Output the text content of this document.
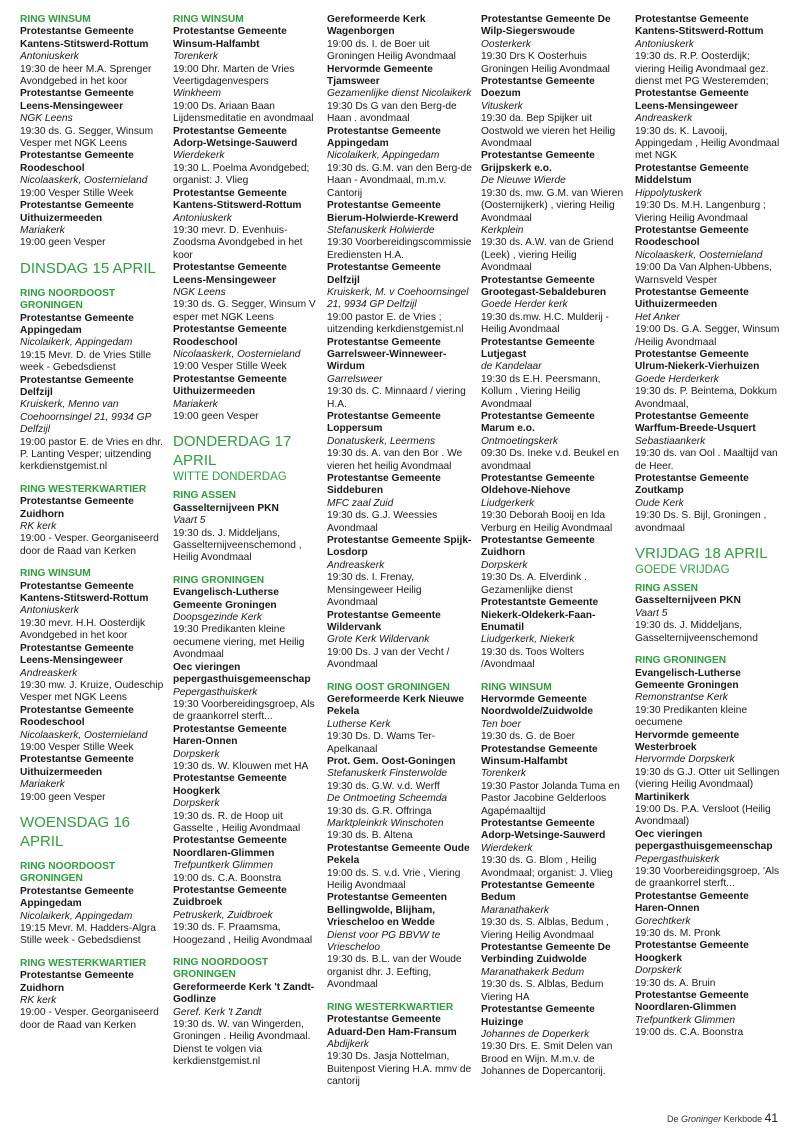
RING WINSUM
Protestantse Gemeente Kantens-Stitswerd-Rottum
Antoniuskerk
19:30 de heer M.A. Sprenger Avondgebed in het koor
Protestantse Gemeente Leens-Mensingeweer
NGK Leens
19:30 ds. G. Segger, Winsum Vesper met NGK Leens
Protestantse Gemeente Roodeschool
Nicolaaskerk, Oosternieland
19:00 Vesper Stille Week
Protestantse Gemeente Uithuizermeeden
Mariakerk
19:00 geen Vesper
DINSDAG 15 APRIL
RING NOORDOOST GRONINGEN
Protestantse Gemeente Appingedam
Nicolaikerk, Appingedam
19:15 Mevr. D. de Vries Stille week - Gebedsdienst
Protestantse Gemeente Delfzijl
Kruiskerk, Menno van Coehoornsingel 21, 9934 GP Delfzijl
19:00 pastor E. de Vries en dhr. P. Lanting Vesper; uitzending kerkdienstgemist.nl
RING WESTERKWARTIER
Protestantse Gemeente Zuidhorn
RK kerk
19:00 - Vesper. Georganiseerd door de Raad van Kerken
RING WINSUM
Protestantse Gemeente Kantens-Stitswerd-Rottum
Antoniuskerk
19:30 mevr. H.H. Oosterdijk Avondgebed in het koor
Protestantse Gemeente Leens-Mensingeweer
Andreaskerk
19:30 mw. J. Kruize, Oudeschip Vesper met NGK Leens
Protestantse Gemeente Roodeschool
Nicolaaskerk, Oosternieland
19:00 Vesper Stille Week
Protestantse Gemeente Uithuizermeeden
Mariakerk
19:00 geen Vesper
WOENSDAG 16 APRIL
RING NOORDOOST GRONINGEN
Protestantse Gemeente Appingedam
Nicolaikerk, Appingedam
19:15 Mevr. M. Hadders-Algra Stille week - Gebedsdienst
RING WESTERKWARTIER
Protestantse Gemeente Zuidhorn
RK kerk
19:00 - Vesper. Georganiseerd door de Raad van Kerken
RING WINSUM
Protestantse Gemeente Winsum-Halfambt
Torenkerk
19:00 Dhr. Marten de Vries Veertigdagenvespers
Winkheem
19:00 Ds. Ariaan Baan Lijdensmeditatie en avondmaal
Protestantse Gemeente Adorp-Wetsinge-Sauwerd
Wierdekerk
19:30 L. Poelma Avondgebed; organist: J. Vlieg
Protestantse Gemeente Kantens-Stitswerd-Rottum
Antoniuskerk
19:30 mevr. D. Evenhuis-Zoodsma Avondgebed in het koor
Protestantse Gemeente Leens-Mensingeweer
NGK Leens
19:30 ds. G. Segger, Winsum V esper met NGK Leens
Protestantse Gemeente Roodeschool
Nicolaaskerk, Oosternieland
19:00 Vesper Stille Week
Protestantse Gemeente Uithuizermeeden
Mariakerk
19:00 geen Vesper
DONDERDAG 17 APRIL
WITTE DONDERDAG
RING ASSEN
Gasselternijveen PKN
Vaart 5
19:30 ds. J. Middeljans, Gasselternijveenschemond , Heilig Avondmaal
RING GRONINGEN
Evangelisch-Lutherse Gemeente Groningen
Doopsgezinde Kerk
19:30 Predikanten kleine oecumene viering, met Heilig Avondmaal
Oec vieringen pepergasthuisgemeenschap
Pepergasthuiskerk
19:30 Voorbereidingsgroep, Als de graankorrel sterft...
Protestantse Gemeente Haren-Onnen
Dorpskerk
19:30 ds. W. Klouwen met HA
Protestantse Gemeente Hoogkerk
Dorpskerk
19:30 ds. R. de Hoop uit Gasselte , Heilig Avondmaal
Protestantse Gemeente Noordlaren-Glimmen
Trefpuntkerk Glimmen
19:00 ds. C.A. Boonstra
Protestantse Gemeente Zuidbroek
Petruskerk, Zuidbroek
19:30 ds. F. Praamsma, Hoogezand , Heilig Avondmaal
RING NOORDOOST GRONINGEN
Gereformeerde Kerk 't Zandt-Godlinze
Geref. Kerk 't Zandt
19:30 ds. W. van Wingerden, Groningen . Heilig Avondmaal. Dienst te volgen via kerkdienstgemist.nl
Gereformeerde Kerk Wagenborgen
19:00 ds. I. de Boer uit Groningen Heilig Avondmaal
Hervormde Gemeente Tjamsweer
Gezamenlijke dienst Nicolaikerk
19:30 Ds G van den Berg-de Haan . avondmaal
Protestantse Gemeente Appingedam
Nicolaikerk, Appingedam
19:30 ds. G.M. van den Berg-de Haan - Avondmaal, m.m.v. Cantorij
Protestantse Gemeente Bierum-Holwierde-Krewerd
Stefanuskerk Holwierde
19:30 Voorbereidingscommissie Erediensten H.A.
Protestantse Gemeente Delfzijl
Kruiskerk, M. v Coehoornsingel 21, 9934 GP Delfzijl
19:00 pastor E. de Vries ; uitzending kerkdienstgemist.nl
Protestantse Gemeente Garrelsweer-Winneweer-Wirdum
Garrelsweer
19:30 ds. C. Minnaard / viering H.A.
Protestantse Gemeente Loppersum
Donatuskerk, Leermens
19:30 ds. A. van den Bor . We vieren het heilig Avondmaal
Protestantse Gemeente Siddeburen
MFC zaal Zuid
19:30 ds. G.J. Weessies Avondmaal
Protestantse Gemeente Spijk-Losdorp
Andreaskerk
19:30 ds. I. Frenay, Mensingeweer Heilig Avondmaal
Protestantse Gemeente Wildervank
Grote Kerk Wildervank
19:00 Ds. J van der Vecht / Avondmaal
RING OOST GRONINGEN
Gereformeerde Kerk Nieuwe Pekela
Lutherse Kerk
19:30 Ds. D. Wams Ter-Apelkanaal
Prot. Gem. Oost-Goningen
Stefanuskerk Finsterwolde
19:30 ds. G.W. v.d. Werff
De Ontmoeting Scheemda
19:30 ds. G.R. Offringa
Marktpleinkrk Winschoten
19:30 ds. B. Altena
Protestantse Gemeente Oude Pekela
19:00 ds. S. v.d. Vrie , Viering Heilig Avondmaal
Protestantse Gemeenten Bellingwolde, Blijham, Vriescheloo en Wedde
Dienst voor PG BBVW te Vriescheloo
19:30 ds. B.L. van der Woude organist dhr. J. Eefting, Avondmaal
RING WESTERKWARTIER
Protestantse Gemeente Aduard-Den Ham-Fransum
Abdijkerk
19:30 Ds. Jasja Nottelman, Buitenpost Viering H.A. mmv de cantorij
Protestantse Gemeente De Wilp-Siegerswoude
Oosterkerk
19:30 Drs K Oosterhuis Groningen Heilig Avondmaal
Protestantse Gemeente Doezum
Vituskerk
19:30 da. Bep Spijker uit Oostwold we vieren het Heilig Avondmaal
Protestantse Gemeente Grijpskerk e.o.
De Nieuwe Wierde
19:30 ds. mw. G.M. van Wieren (Oosternijkerk) , viering Heilig Avondmaal
Kerkplein
19:30 ds. A.W. van de Griend (Leek) , viering Heilig Avondmaal
Protestantse Gemeente Grootegast-Sebaldeburen
Goede Herder kerk
19:30 ds.mw. H.C. Mulderij - Heilig Avondmaal
Protestantse Gemeente Lutjegast
de Kandelaar
19:30 ds E.H. Peersmann, Kollum , Viering Heilig Avondmaal
Protestantse Gemeente Marum e.o.
Ontmoetingskerk
09:30 Ds. Ineke v.d. Beukel en avondmaal
Protestantse Gemeente Oldehove-Niehove
Liudgerkerk
19:30 Deborah Booij en Ida Verburg en Heilig Avondmaal
Protestantse Gemeente Zuidhorn
Dorpskerk
19:30 Ds. A. Elverdink . Gezamenlijke dienst
Protestantste Gemeente Niekerk-Oldekerk-Faan-Enumatil
Liudgerkerk, Niekerk
19:30 ds. Toos Wolters /Avondmaal
RING WINSUM
Hervormde Gemeente Noordwolde/Zuidwolde
Ten boer
19:30 ds. G. de Boer
Protestandse Gemeente Winsum-Halfambt
Torenkerk
19:30 Pastor Jolanda Tuma en Pastor Jacobine Gelderloos Agapémaaltijd
Protestantse Gemeente Adorp-Wetsinge-Sauwerd
Wierdekerk
19:30 ds. G. Blom , Heilig Avondmaal; organist: J. Vlieg
Protestantse Gemeente Bedum
Maranathakerk
19:30 ds. S. Alblas, Bedum , Viering Heilig Avondmaal
Protestantse Gemeente De Verbinding Zuidwolde
Maranathakerk Bedum
19:30 ds. S. Alblas, Bedum Viering HA
Protestantse Gemeente Huizinge
Johannes de Doperkerk
19:30 Drs. E. Smit Delen van Brood en Wijn. M.m.v. de Johannes de Dopercantorij.
Protestantse Gemeente Kantens-Stitswerd-Rottum
Antoniuskerk
19:30 ds. R.P. Oosterdijk; viering Heilig Avondmaal gez. dienst met PG Westeremden;
Protestantse Gemeente Leens-Mensingeweer
Andreaskerk
19:30 ds. K. Lavooij, Appingedam , Heilig Avondmaal met NGK
Protestantse Gemeente Middelstum
Hippolytuskerk
19:30 Ds. M.H. Langenburg ; Viering Heilig Avondmaal
Protestantse Gemeente Roodeschool
Nicolaaskerk, Oosternieland
19:00 Da Van Alphen-Ubbens, Warnsveld Vesper
Protestantse Gemeente Uithuizermeeden
Het Anker
19:00 Ds. G.A. Segger, Winsum /Heilig Avondmaal
Protestantse Gemeente Ulrum-Niekerk-Vierhuizen
Goede Herderkerk
19:30 ds. P. Beintema, Dokkum Avondmaal,
Protestantse Gemeente Warffum-Breede-Usquert
Sebastiaankerk
19:30 ds. van Ool . Maaltijd van de Heer.
Protestantse Gemeente Zoutkamp
Oude Kerk
19:30 Ds. S. Bijl, Groningen , avondmaal
VRIJDAG 18 APRIL
GOEDE VRIJDAG
RING ASSEN
Gasselternijveen PKN
Vaart 5
19:30 ds. J. Middeljans, Gasselternijveenschemond
RING GRONINGEN
Evangelisch-Lutherse Gemeente Groningen
Remonstrantse Kerk
19:30 Predikanten kleine oecumene
Hervormde gemeente Westerbroek
Hervormde Dorpskerk
19:30 ds G.J. Otter uit Sellingen (viering Heilig Avondmaal)
Martinikerk
19:00 Ds. P.A. Versloot (Heilig Avondmaal)
Oec vieringen pepergasthuisgemeenschap
Pepergasthuiskerk
19:30 Voorbereidingsgroep, 'Als de graankorrel sterft...
Protestantse Gemeente Haren-Onnen
Gorechtkerk
19:30 ds. M. Pronk
Protestantse Gemeente Hoogkerk
Dorpskerk
19:30 ds. A. Bruin
Protestantse Gemeente Noordlaren-Glimmen
Trefpuntkerk Glimmen
19:00 ds. C.A. Boonstra
De Groninger Kerkbode 41
